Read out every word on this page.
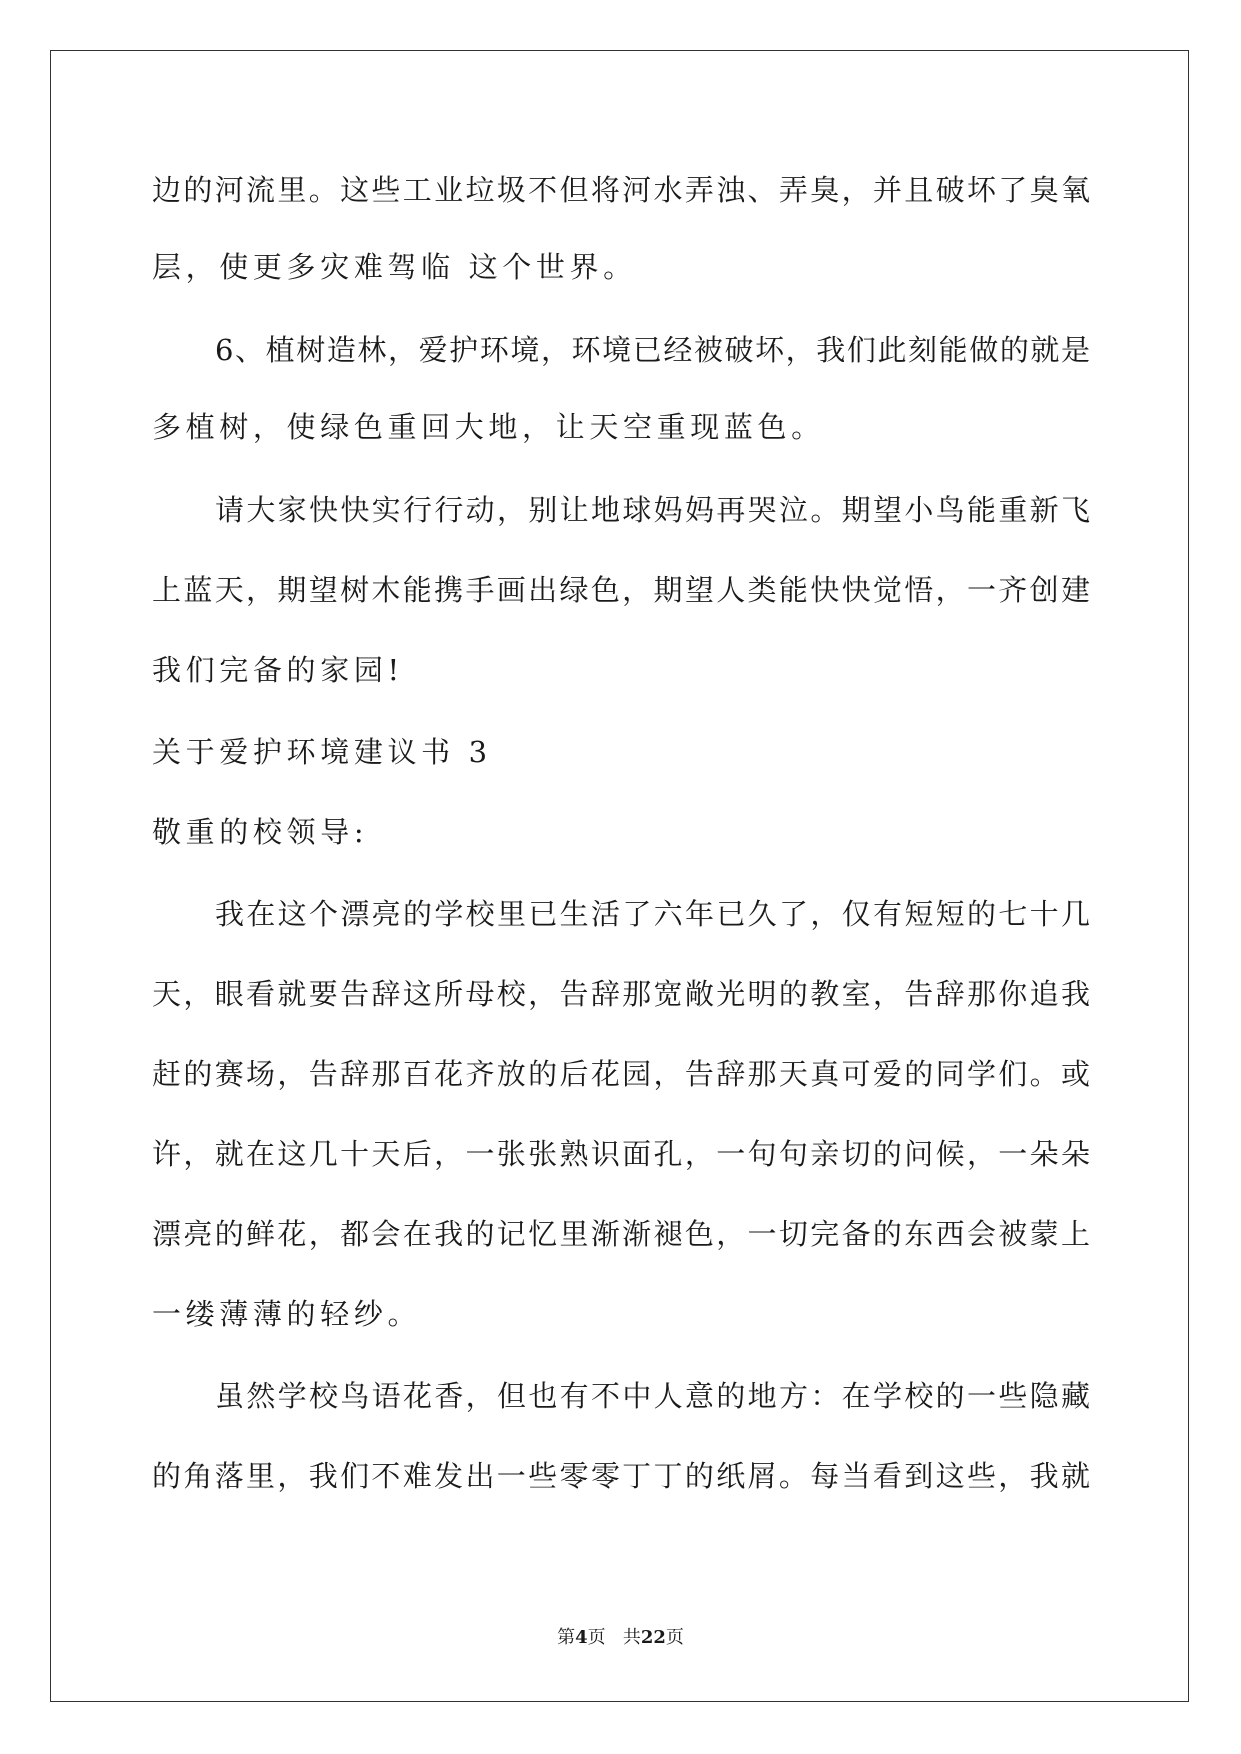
边的河流里。这些工业垃圾不但将河水弄浊、弄臭，并且破坏了臭氧
层，使更多灾难驾临 这个世界。
6、植树造林，爱护环境，环境已经被破坏，我们此刻能做的就是
多植树，使绿色重回大地，让天空重现蓝色。
请大家快快实行行动，别让地球妈妈再哭泣。期望小鸟能重新飞
上蓝天，期望树木能携手画出绿色，期望人类能快快觉悟，一齐创建
我们完备的家园!
关于爱护环境建议书 3
敬重的校领导:
我在这个漂亮的学校里已生活了六年已久了，仅有短短的七十几
天，眼看就要告辞这所母校，告辞那宽敞光明的教室，告辞那你追我
赶的赛场，告辞那百花齐放的后花园，告辞那天真可爱的同学们。或
许，就在这几十天后，一张张熟识面孔，一句句亲切的问候，一朵朵
漂亮的鲜花，都会在我的记忆里渐渐褪色，一切完备的东西会被蒙上
一缕薄薄的轻纱。
虽然学校鸟语花香，但也有不中人意的地方：在学校的一些隐藏
的角落里，我们不难发出一些零零丁丁的纸屑。每当看到这些，我就
第4页 共22页
